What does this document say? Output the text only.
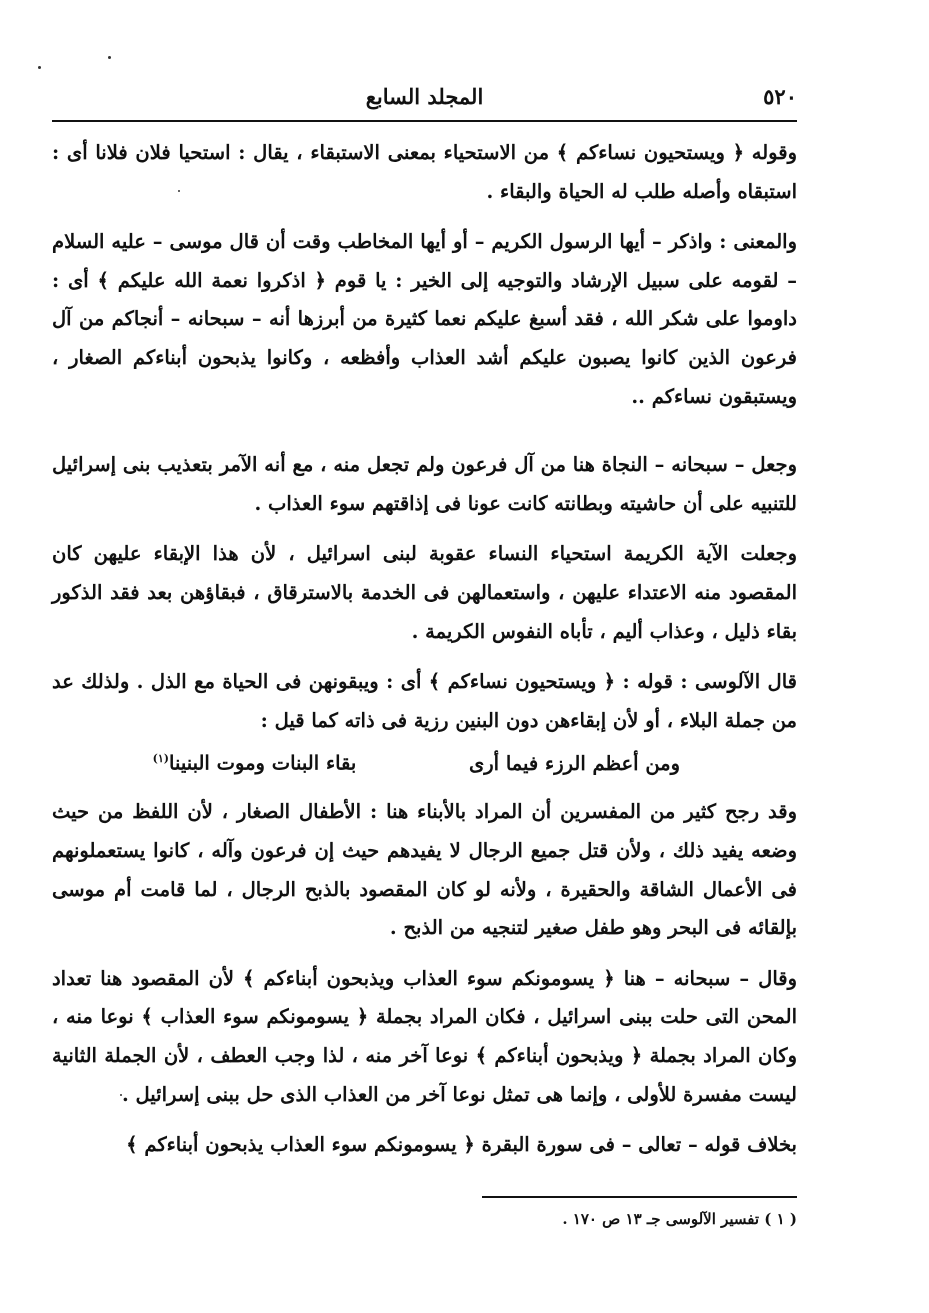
٥٢٠
المجلد السابع

وقوله ﴿ ويستحيون نساءكم ﴾ من الاستحياء بمعنى الاستبقاء ، يقال : استحيا فلان فلانا أى : استبقاه وأصله طلب له الحياة والبقاء .

والمعنى : واذكر – أيها الرسول الكريم – أو أيها المخاطب وقت أن قال موسى – عليه السلام – لقومه على سبيل الإرشاد والتوجيه إلى الخير : يا قوم ﴿ اذكروا نعمة الله عليكم ﴾ أى : داوموا على شكر الله ، فقد أسبغ عليكم نعما كثيرة من أبرزها أنه – سبحانه – أنجاكم من آل فرعون الذين كانوا يصبون عليكم أشد العذاب وأفظعه ، وكانوا يذبحون أبناءكم الصغار ، ويستبقون نساءكم ..

وجعل – سبحانه – النجاة هنا من آل فرعون ولم تجعل منه ، مع أنه الآمر بتعذيب بنى إسرائيل للتنبيه على أن حاشيته وبطانته كانت عونا فى إذاقتهم سوء العذاب .

وجعلت الآية الكريمة استحياء النساء عقوبة لبنى اسرائيل ، لأن هذا الإبقاء عليهن كان المقصود منه الاعتداء عليهن ، واستعمالهن فى الخدمة بالاسترقاق ، فبقاؤهن بعد فقد الذكور بقاء ذليل ، وعذاب أليم ، تأباه النفوس الكريمة .

قال الآلوسى : قوله : ﴿ ويستحيون نساءكم ﴾ أى : ويبقونهن فى الحياة مع الذل . ولذلك عد من جملة البلاء ، أو لأن إبقاءهن دون البنين رزية فى ذاته كما قيل :

ومن أعظم الرزء فيما أرىبقاء البنات وموت البنينا$^{(١)}$

وقد رجح كثير من المفسرين أن المراد بالأبناء هنا : الأطفال الصغار ، لأن اللفظ من حيث وضعه يفيد ذلك ، ولأن قتل جميع الرجال لا يفيدهم حيث إن فرعون وآله ، كانوا يستعملونهم فى الأعمال الشاقة والحقيرة ، ولأنه لو كان المقصود بالذبح الرجال ، لما قامت أم موسى بإلقائه فى البحر وهو طفل صغير لتنجيه من الذبح .

وقال – سبحانه – هنا ﴿ يسومونكم سوء العذاب ويذبحون أبناءكم ﴾ لأن المقصود هنا تعداد المحن التى حلت ببنى اسرائيل ، فكان المراد بجملة ﴿ يسومونكم سوء العذاب ﴾ نوعا منه ، وكان المراد بجملة ﴿ ويذبحون أبناءكم ﴾ نوعا آخر منه ، لذا وجب العطف ، لأن الجملة الثانية ليست مفسرة للأولى ، وإنما هى تمثل نوعا آخر من العذاب الذى حل ببنى إسرائيل .

بخلاف قوله – تعالى – فى سورة البقرة ﴿ يسومونكم سوء العذاب يذبحون أبناءكم ﴾

( ١ ) تفسير الآلوسى جـ ١٣ ص ١٧٠ .
